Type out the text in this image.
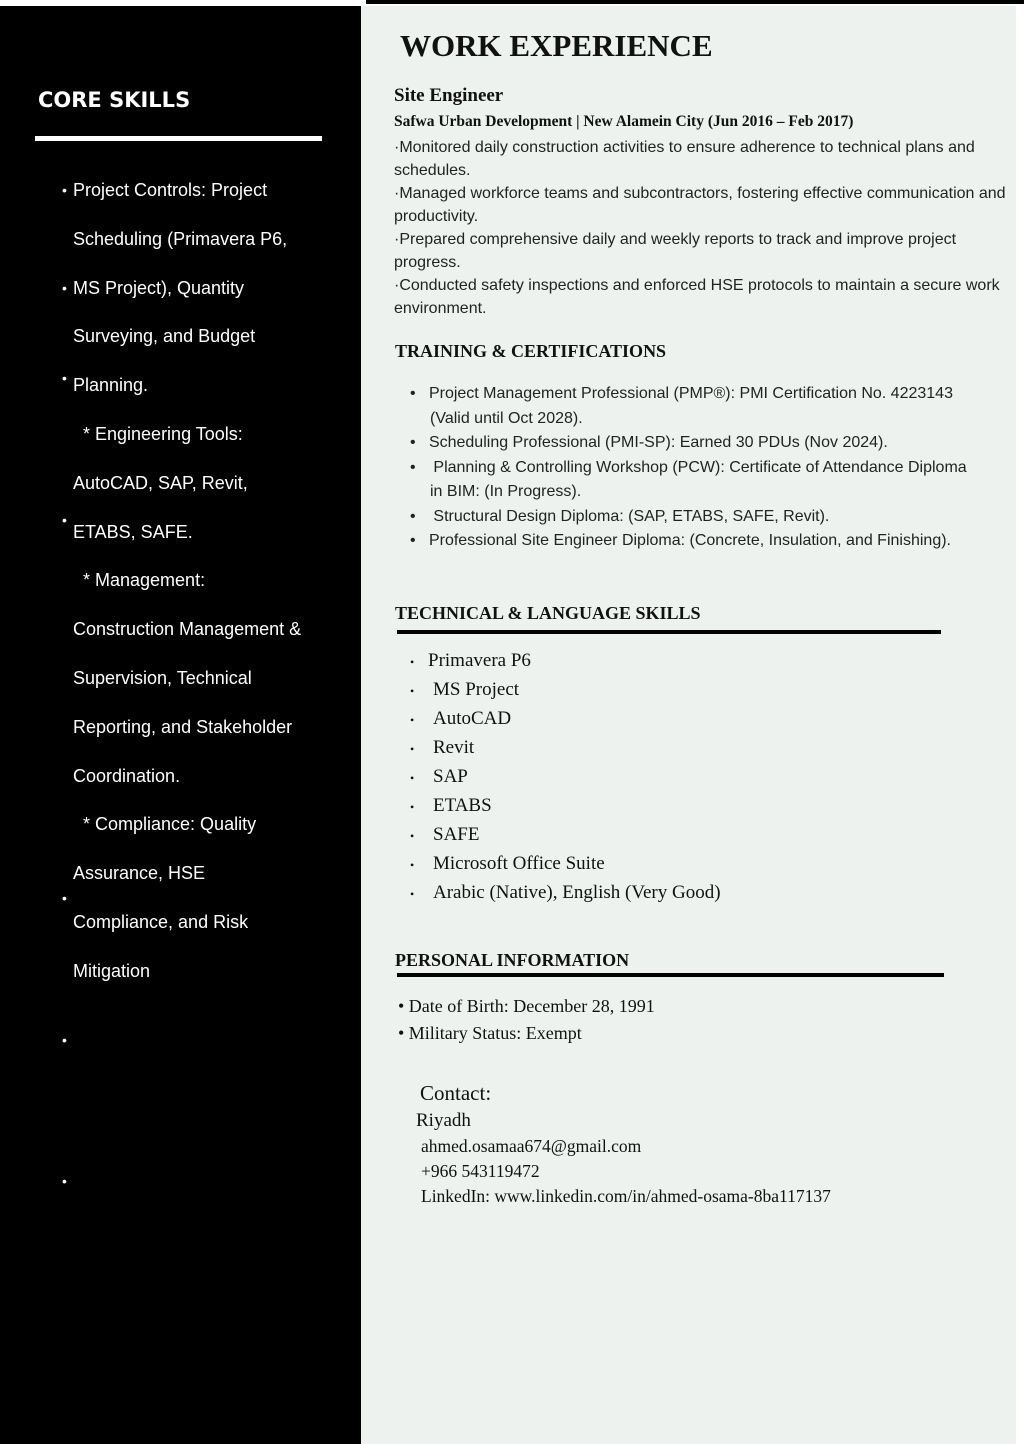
CORE SKILLS
Project Controls: Project
Scheduling (Primavera P6,
MS Project), Quantity
Surveying, and Budget
Planning.
* Engineering Tools:
AutoCAD, SAP, Revit,
ETABS, SAFE.
* Management:
Construction Management &
Supervision, Technical
Reporting, and Stakeholder
Coordination.
* Compliance: Quality
Assurance, HSE
Compliance, and Risk
Mitigation
•
•
•
•
•
•
•
WORK EXPERIENCE
Site Engineer
Safwa Urban Development | New Alamein City (Jun 2016 – Feb 2017)
·Monitored daily construction activities to ensure adherence to technical plans and schedules.
·Managed workforce teams and subcontractors, fostering effective communication and productivity.
·Prepared comprehensive daily and weekly reports to track and improve project progress.
·Conducted safety inspections and enforced HSE protocols to maintain a secure work environment.
TRAINING & CERTIFICATIONS
•   Project Management Professional (PMP®): PMI Certification No. 4223143 (Valid until Oct 2028).
•   Scheduling Professional (PMI-SP): Earned 30 PDUs (Nov 2024).
•    Planning & Controlling Workshop (PCW): Certificate of Attendance Diploma in BIM: (In Progress).
•    Structural Design Diploma: (SAP, ETABS, SAFE, Revit).
•   Professional Site Engineer Diploma: (Concrete, Insulation, and Finishing).
TECHNICAL & LANGUAGE SKILLS
• Primavera P6
• MS Project
• AutoCAD
• Revit
• SAP
• ETABS
• SAFE
• Microsoft Office Suite
• Arabic (Native), English (Very Good)
PERSONAL INFORMATION
• Date of Birth: December 28, 1991
• Military Status: Exempt
Contact:
Riyadh
ahmed.osamaa674@gmail.com
+966 543119472
LinkedIn: www.linkedin.com/in/ahmed-osama-8ba117137
